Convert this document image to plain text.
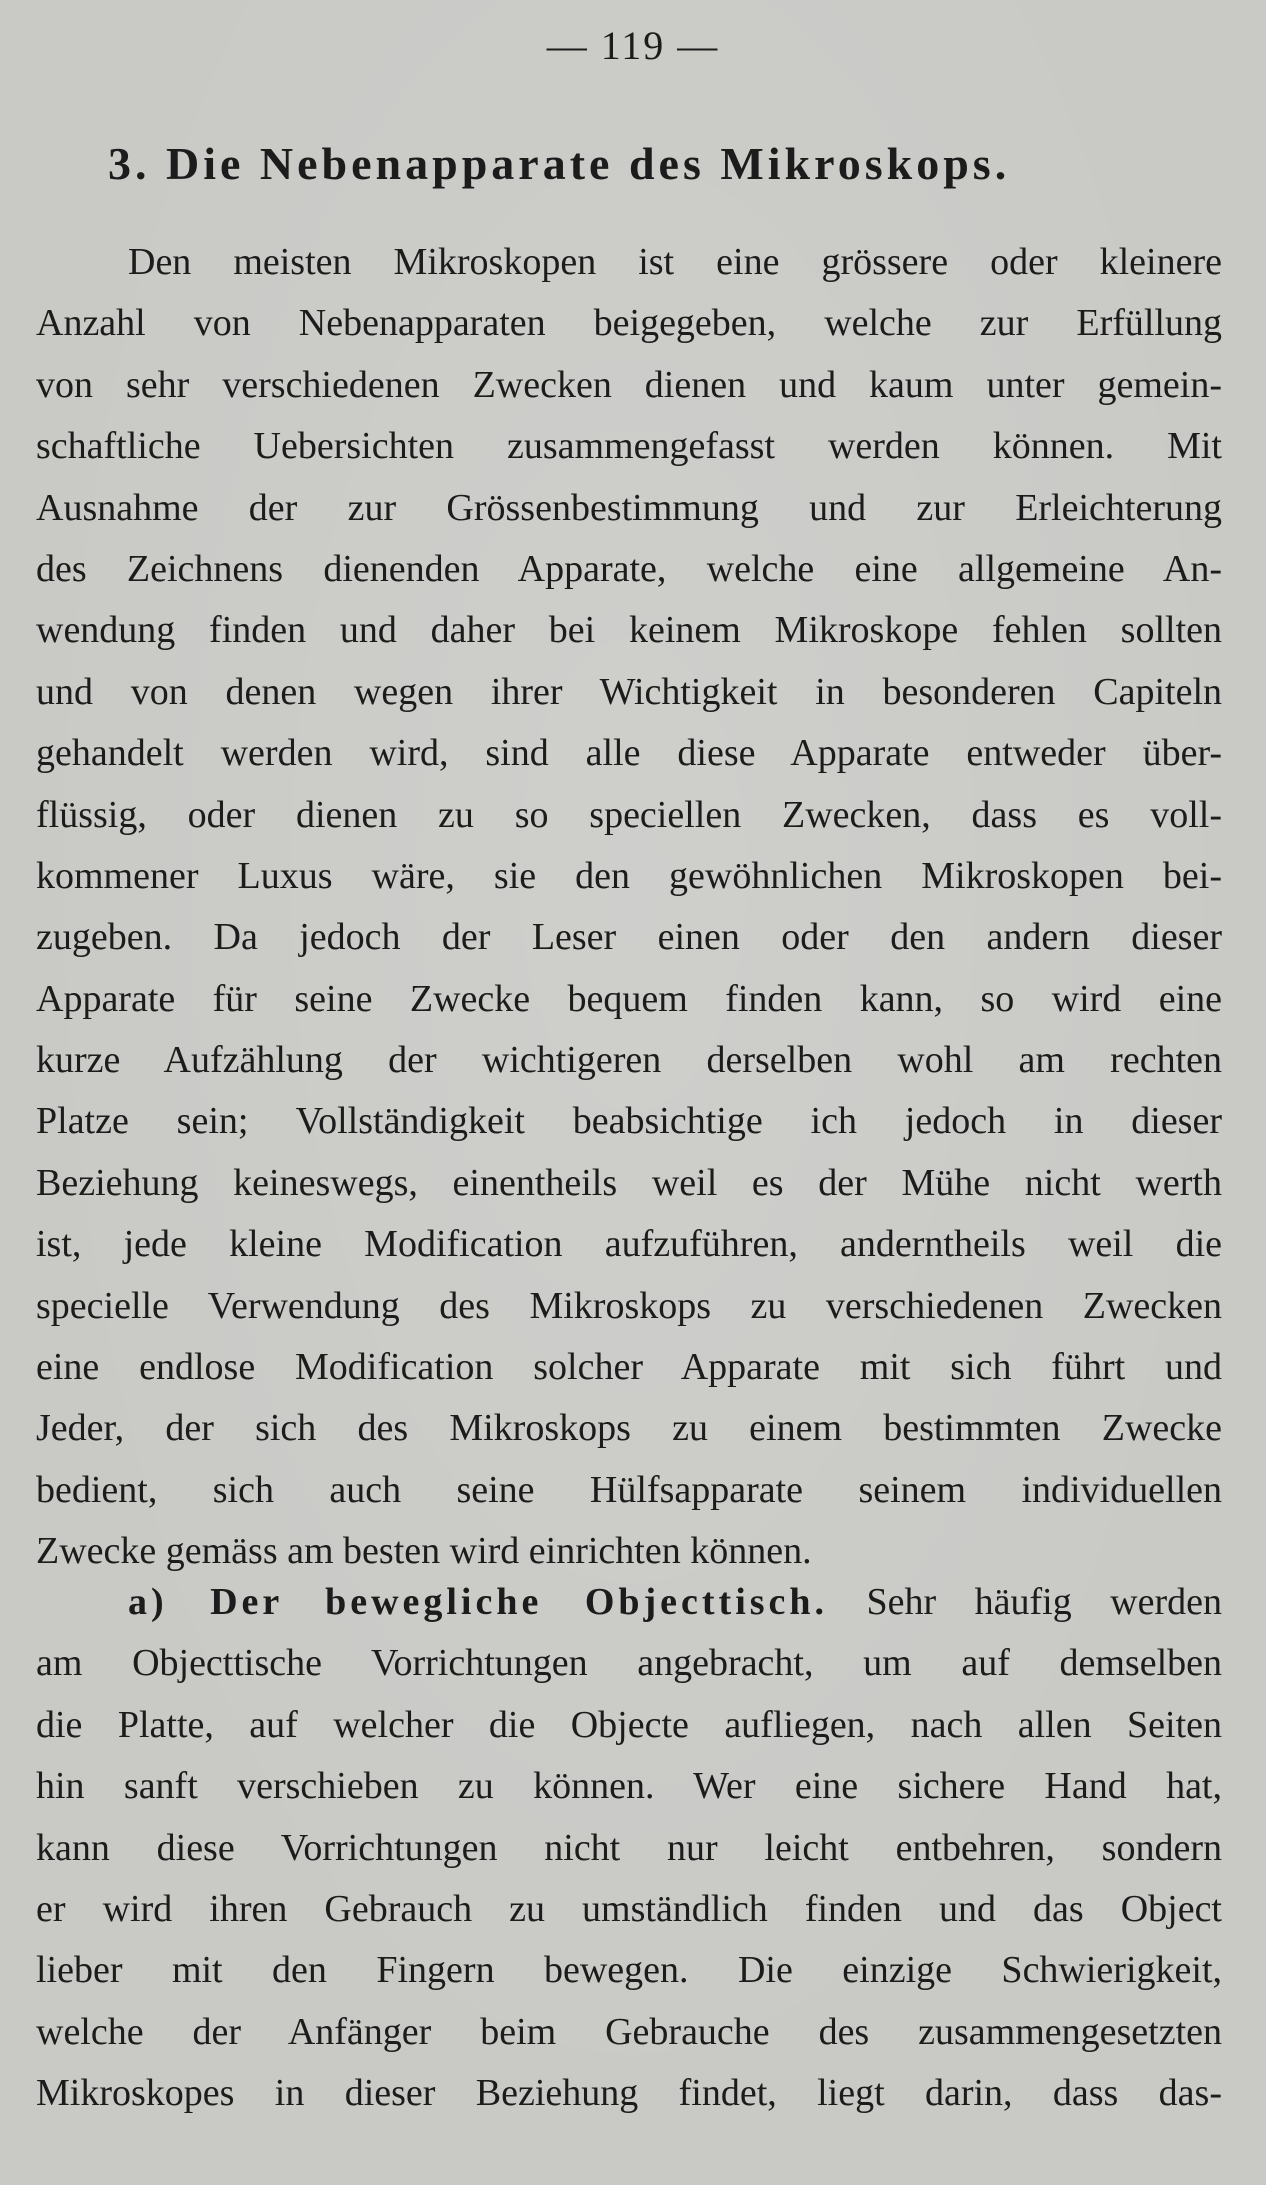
— 119 —
3. Die Nebenapparate des Mikroskops.
Den meisten Mikroskopen ist eine grössere oder kleinere
Anzahl von Nebenapparaten beigegeben, welche zur Erfüllung
von sehr verschiedenen Zwecken dienen und kaum unter gemein-
schaftliche Uebersichten zusammengefasst werden können. Mit
Ausnahme der zur Grössenbestimmung und zur Erleichterung
des Zeichnens dienenden Apparate, welche eine allgemeine An-
wendung finden und daher bei keinem Mikroskope fehlen sollten
und von denen wegen ihrer Wichtigkeit in besonderen Capiteln
gehandelt werden wird, sind alle diese Apparate entweder über-
flüssig, oder dienen zu so speciellen Zwecken, dass es voll-
kommener Luxus wäre, sie den gewöhnlichen Mikroskopen bei-
zugeben. Da jedoch der Leser einen oder den andern dieser
Apparate für seine Zwecke bequem finden kann, so wird eine
kurze Aufzählung der wichtigeren derselben wohl am rechten
Platze sein; Vollständigkeit beabsichtige ich jedoch in dieser
Beziehung keineswegs, einentheils weil es der Mühe nicht werth
ist, jede kleine Modification aufzuführen, anderntheils weil die
specielle Verwendung des Mikroskops zu verschiedenen Zwecken
eine endlose Modification solcher Apparate mit sich führt und
Jeder, der sich des Mikroskops zu einem bestimmten Zwecke
bedient, sich auch seine Hülfsapparate seinem individuellen
Zwecke gemäss am besten wird einrichten können.
a) Der bewegliche Objecttisch. Sehr häufig werden
am Objecttische Vorrichtungen angebracht, um auf demselben
die Platte, auf welcher die Objecte aufliegen, nach allen Seiten
hin sanft verschieben zu können. Wer eine sichere Hand hat,
kann diese Vorrichtungen nicht nur leicht entbehren, sondern
er wird ihren Gebrauch zu umständlich finden und das Object
lieber mit den Fingern bewegen. Die einzige Schwierigkeit,
welche der Anfänger beim Gebrauche des zusammengesetzten
Mikroskopes in dieser Beziehung findet, liegt darin, dass das-
